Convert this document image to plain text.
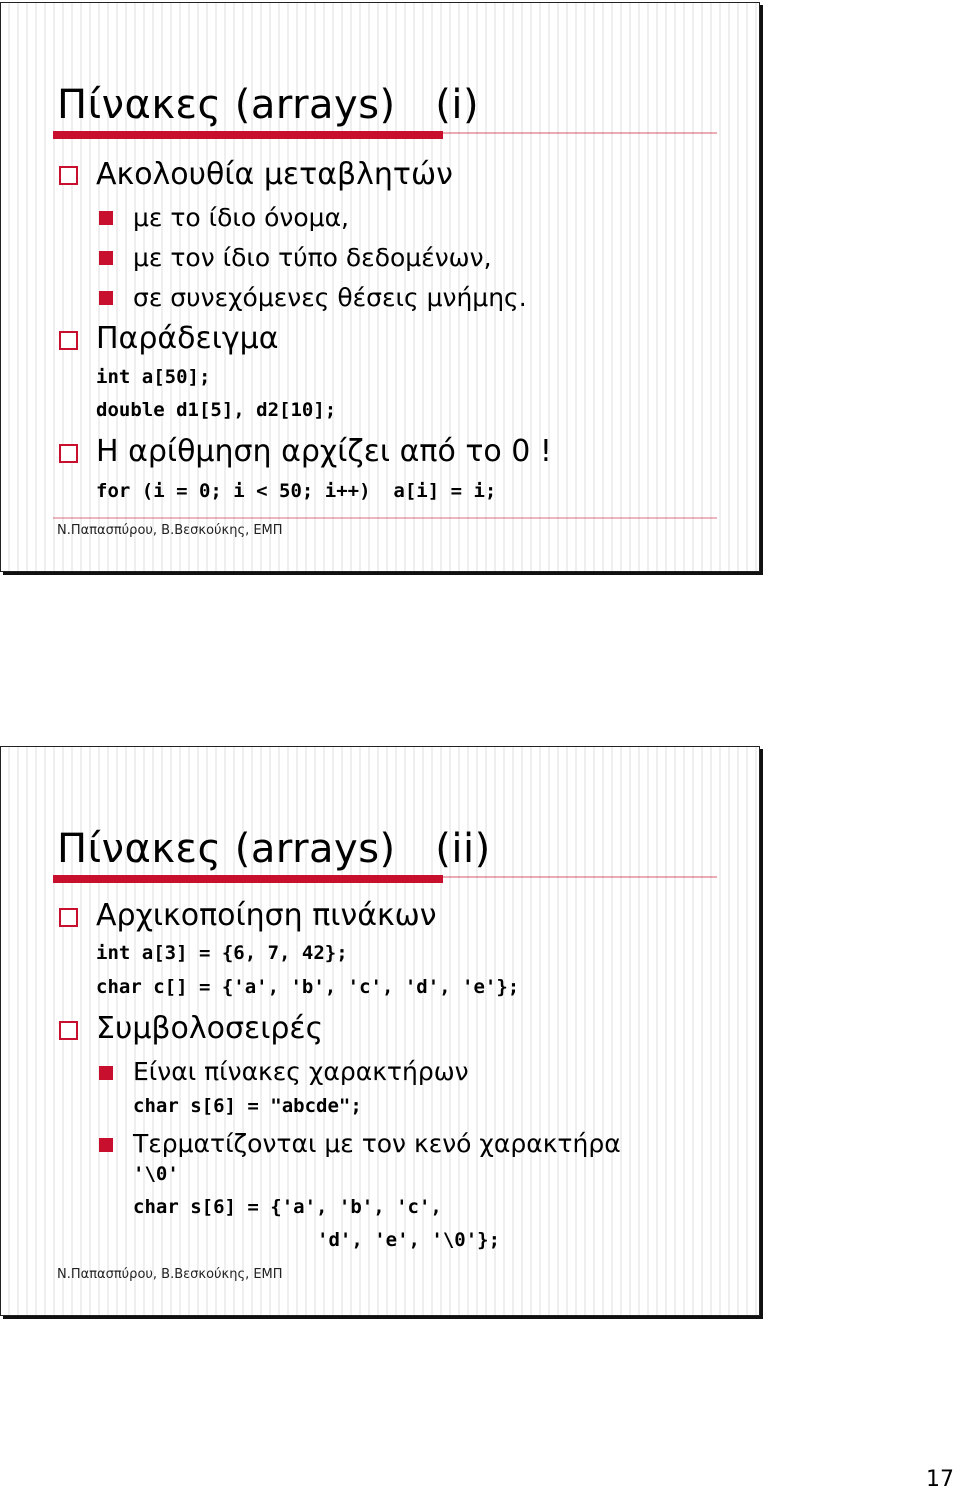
Πίνακες (arrays)   (i)
Ακολουθία μεταβλητών
με το ίδιο όνομα,
με τον ίδιο τύπο δεδομένων,
σε συνεχόμενες θέσεις μνήμης.
Παράδειγμα
int a[50];
double d1[5], d2[10];
Η αρίθμηση αρχίζει από το 0 !
for (i = 0; i < 50; i++)  a[i] = i;
Ν.Παπασπύρου, Β.Βεσκούκης, ΕΜΠ
Πίνακες (arrays)   (ii)
Αρχικοποίηση πινάκων
int a[3] = {6, 7, 42};
char c[] = {'a', 'b', 'c', 'd', 'e'};
Συμβολοσειρές
Είναι πίνακες χαρακτήρων
char s[6] = "abcde";
Τερματίζονται με τον κενό χαρακτήρα
'\0'
char s[6] = {'a', 'b', 'c',
'd', 'e', '\0'};
Ν.Παπασπύρου, Β.Βεσκούκης, ΕΜΠ
17
